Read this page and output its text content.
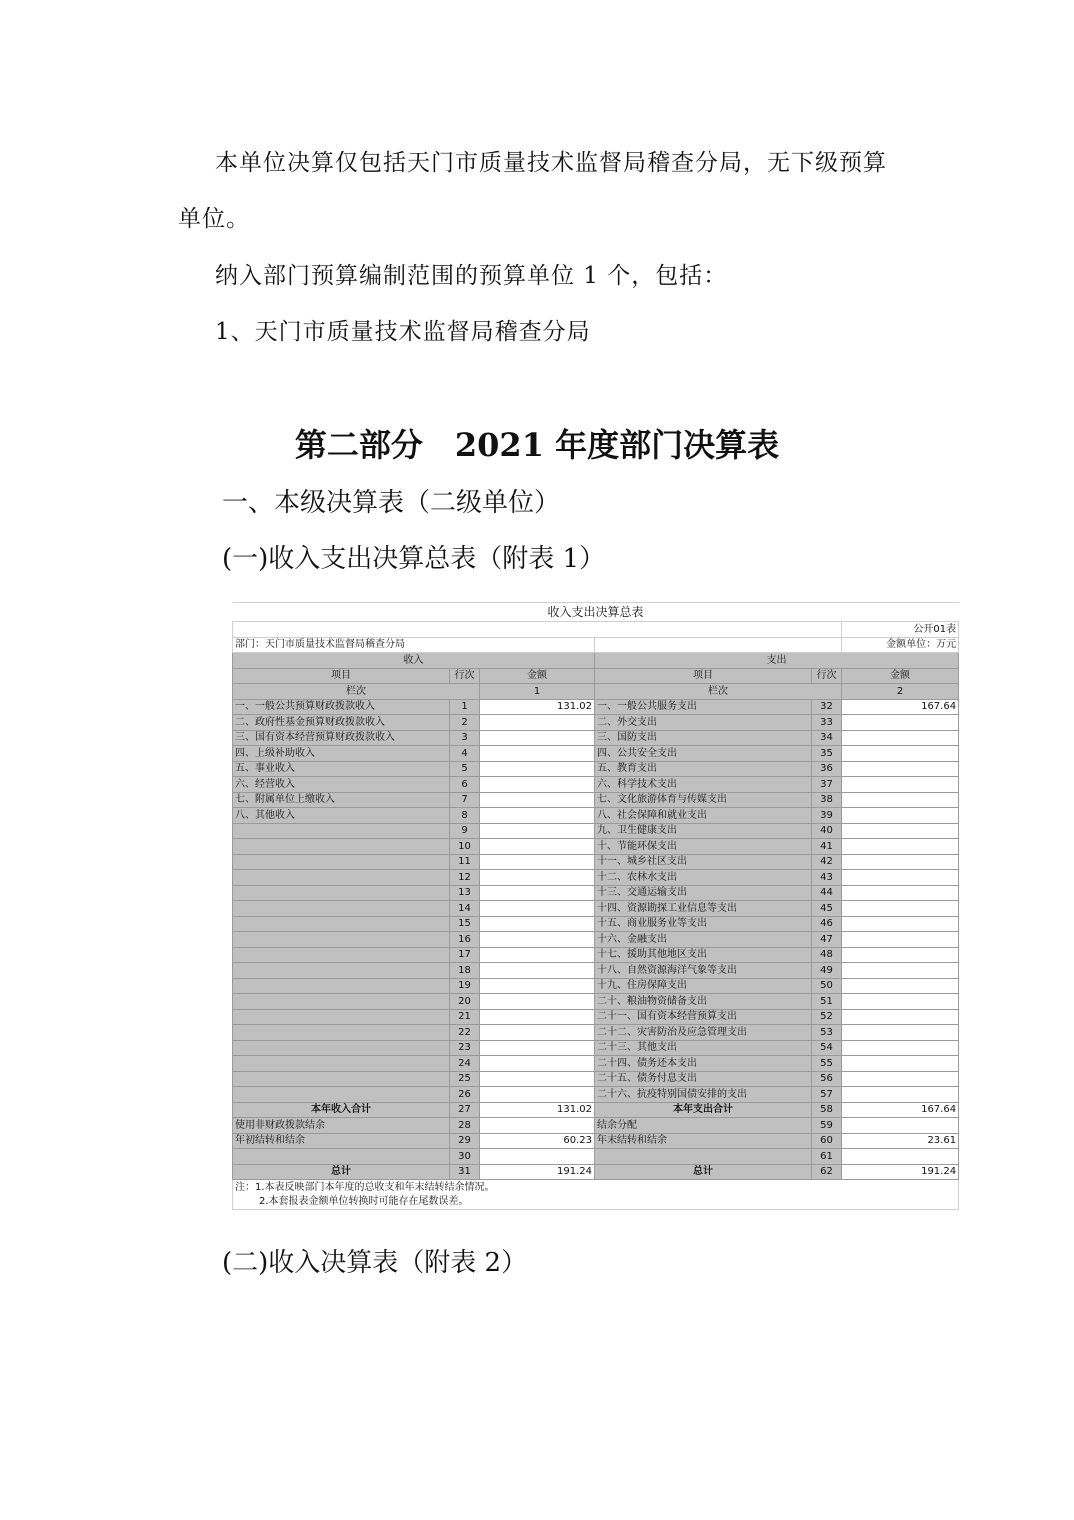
本单位决算仅包括天门市质量技术监督局稽查分局，无下级预算
单位。
纳入部门预算编制范围的预算单位 1 个，包括：
1、天门市质量技术监督局稽查分局
第二部分　2021 年度部门决算表
一、本级决算表（二级单位）
(一)收入支出决算总表（附表 1）
收入支出决算总表					
					公开01表
部门：天门市质量技术监督局稽查分局					金额单位：万元
收入			支出		
项目	行次	金额	项目	行次	金额
栏次		1	栏次		2
一、一般公共预算财政拨款收入	1	131.02	一、一般公共服务支出	32	167.64
二、政府性基金预算财政拨款收入	2		二、外交支出	33	
三、国有资本经营预算财政拨款收入	3		三、国防支出	34	
四、上级补助收入	4		四、公共安全支出	35	
五、事业收入	5		五、教育支出	36	
六、经营收入	6		六、科学技术支出	37	
七、附属单位上缴收入	7		七、文化旅游体育与传媒支出	38	
八、其他收入	8		八、社会保障和就业支出	39	
	9		九、卫生健康支出	40	
	10		十、节能环保支出	41	
	11		十一、城乡社区支出	42	
	12		十二、农林水支出	43	
	13		十三、交通运输支出	44	
	14		十四、资源勘探工业信息等支出	45	
	15		十五、商业服务业等支出	46	
	16		十六、金融支出	47	
	17		十七、援助其他地区支出	48	
	18		十八、自然资源海洋气象等支出	49	
	19		十九、住房保障支出	50	
	20		二十、粮油物资储备支出	51	
	21		二十一、国有资本经营预算支出	52	
	22		二十二、灾害防治及应急管理支出	53	
	23		二十三、其他支出	54	
	24		二十四、债务还本支出	55	
	25		二十五、债务付息支出	56	
	26		二十六、抗疫特别国债安排的支出	57	
本年收入合计	27	131.02	本年支出合计	58	167.64
使用非财政拨款结余	28		结余分配	59	
年初结转和结余	29	60.23	年末结转和结余	60	23.61
	30			61	
总计	31	191.24	总计	62	191.24
注：1.本表反映部门本年度的总收支和年末结转结余情况。					
2.本套报表金额单位转换时可能存在尾数误差。					
(二)收入决算表（附表 2）
